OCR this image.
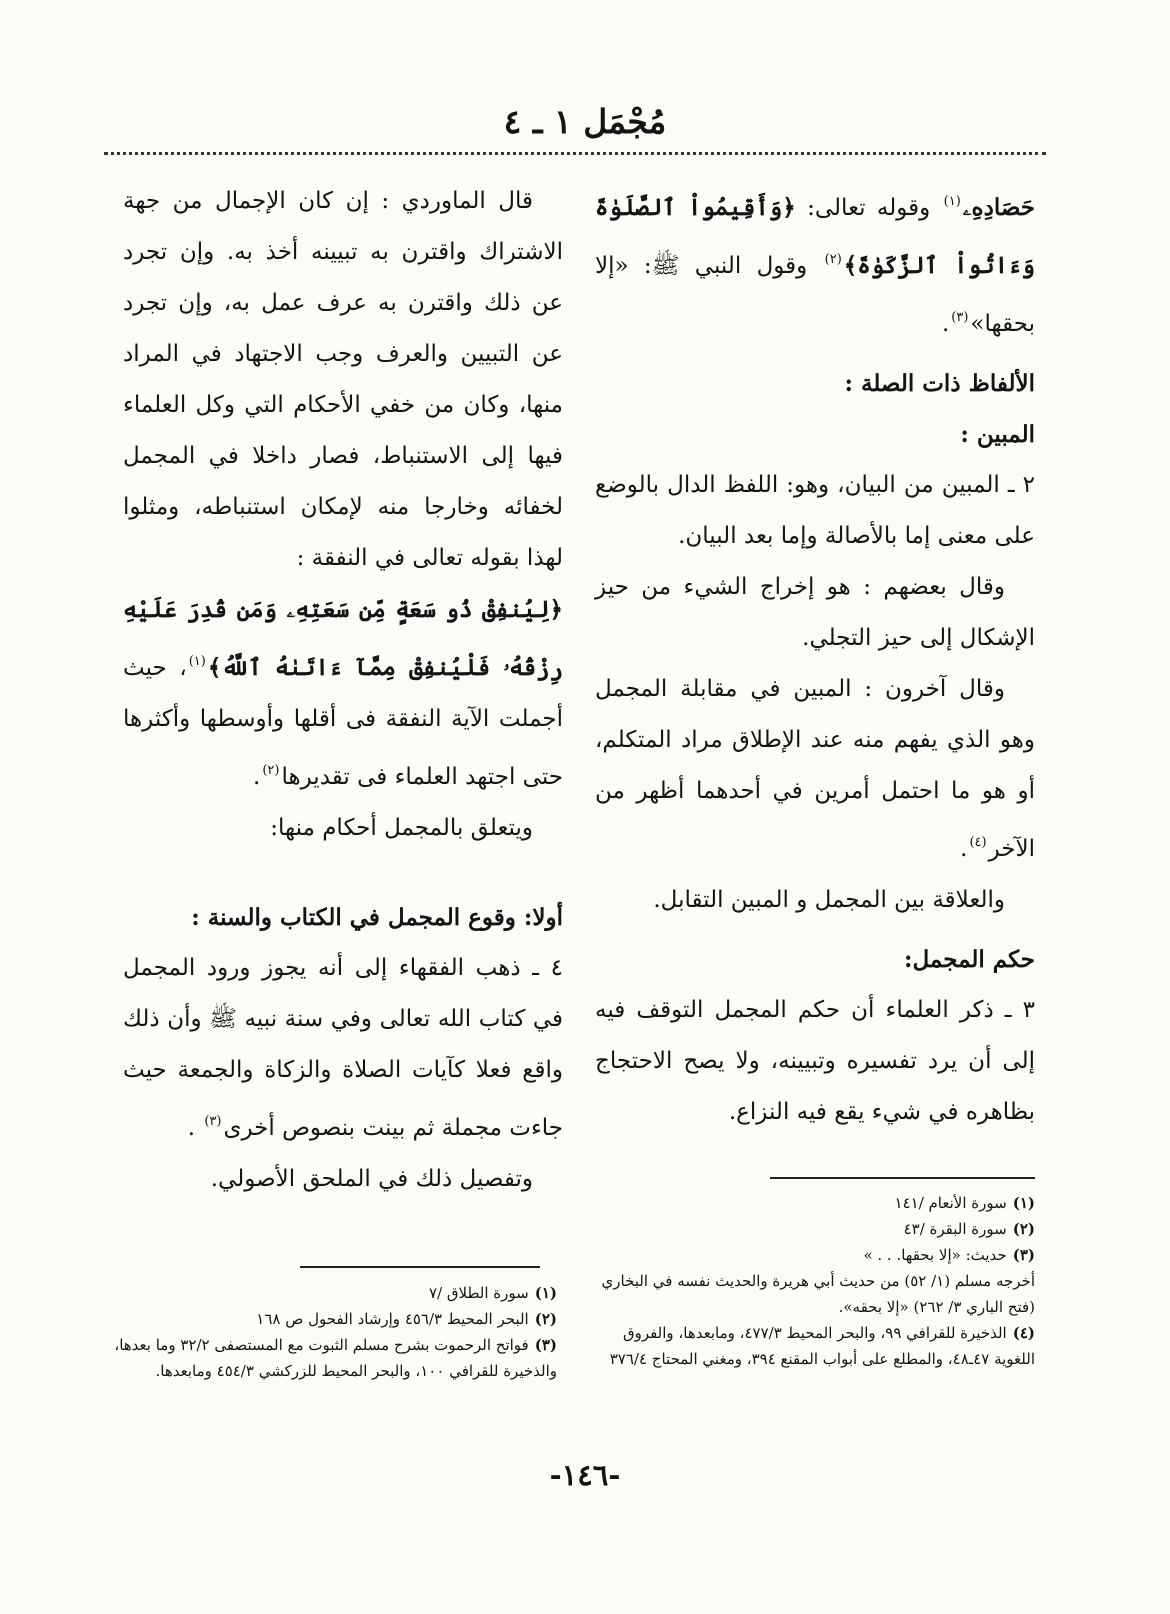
مُجْمَل ١ ـ ٤

حَصَادِهِۦ$^{(١)}$ وقوله تعالى: ﴿وَأَقِيمُواْ ٱلصَّلَوٰةَ وَءَاتُواْ ٱلزَّكَوٰةَ﴾$^{(٢)}$ وقول النبي ﷺ: «إلا بحقها»$^{(٣)}$.

الألفاظ ذات الصلة :

المبين :

٢ ـ المبين من البيان، وهو: اللفظ الدال بالوضع على معنى إما بالأصالة وإما بعد البيان.

وقال بعضهم : هو إخراج الشيء من حيز الإشكال إلى حيز التجلي.

وقال آخرون : المبين في مقابلة المجمل وهو الذي يفهم منه عند الإطلاق مراد المتكلم، أو هو ما احتمل أمرين في أحدهما أظهر من الآخر$^{(٤)}$.

والعلاقة بين المجمل و المبين التقابل.

حكم المجمل:

٣ ـ ذكر العلماء أن حكم المجمل التوقف فيه إلى أن يرد تفسيره وتبيينه، ولا يصح الاحتجاج بظاهره في شيء يقع فيه النزاع.

قال الماوردي : إن كان الإجمال من جهة الاشتراك واقترن به تبيينه أخذ به. وإن تجرد عن ذلك واقترن به عرف عمل به، وإن تجرد عن التبيين والعرف وجب الاجتهاد في المراد منها، وكان من خفي الأحكام التي وكل العلماء فيها إلى الاستنباط، فصار داخلا في المجمل لخفائه وخارجا منه لإمكان استنباطه، ومثلوا لهذا بقوله تعالى في النفقة :

﴿لِيُنفِقْ ذُو سَعَةٍ مِّن سَعَتِهِۦ وَمَن قُدِرَ عَلَيْهِ رِزْقُهُۥ فَلْيُنفِقْ مِمَّآ ءَاتَىٰهُ ٱللَّهُ﴾$^{(١)}$، حيث أجملت الآية النفقة فى أقلها وأوسطها وأكثرها حتى اجتهد العلماء فى تقديرها$^{(٢)}$.

ويتعلق بالمجمل أحكام منها:

أولا: وقوع المجمل في الكتاب والسنة :

٤ ـ ذهب الفقهاء إلى أنه يجوز ورود المجمل في كتاب الله تعالى وفي سنة نبيه ﷺ وأن ذلك واقع فعلا كآيات الصلاة والزكاة والجمعة حيث جاءت مجملة ثم بينت بنصوص أخرى$^{(٣)}$ .

وتفصيل ذلك في الملحق الأصولي.

(١)سورة الأنعام /١٤١
(٢)سورة البقرة /٤٣
(٣)حديث: «إلا بحقها. . . »
أخرجه مسلم (١/ ٥٢) من حديث أبي هريرة والحديث نفسه في البخاري (فتح الباري ٣/ ٢٦٢) «إلا بحقه».
(٤)الذخيرة للقرافي ٩٩، والبحر المحيط ٤٧٧/٣، ومابعدها، والفروق اللغوية ٤٧ـ٤٨، والمطلع على أبواب المقنع ٣٩٤، ومغني المحتاج ٣٧٦/٤
(١)سورة الطلاق /٧
(٢)البحر المحيط ٤٥٦/٣ وإرشاد الفحول ص ١٦٨
(٣)فواتح الرحموت بشرح مسلم الثبوت مع المستصفى ٣٢/٢ وما بعدها، والذخيرة للقرافي ١٠٠، والبحر المحيط للزركشي ٤٥٤/٣ ومابعدها.
-١٤٦-
